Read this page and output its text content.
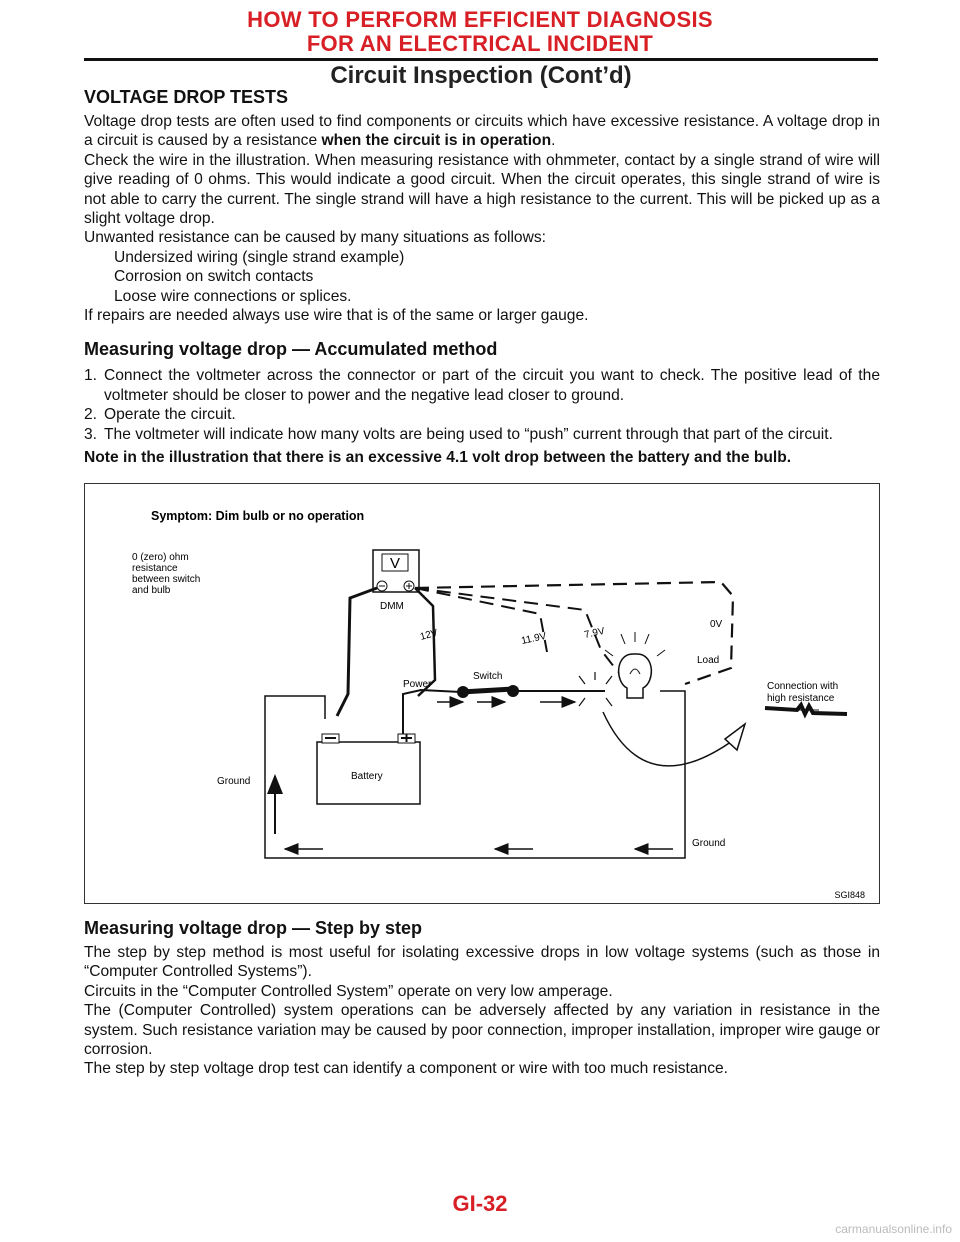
HOW TO PERFORM EFFICIENT DIAGNOSIS
FOR AN ELECTRICAL INCIDENT
Circuit Inspection (Cont’d)
VOLTAGE DROP TESTS

Voltage drop tests are often used to find components or circuits which have excessive resistance. A voltage drop in a circuit is caused by a resistance when the circuit is in operation.

Check the wire in the illustration. When measuring resistance with ohmmeter, contact by a single strand of wire will give reading of 0 ohms. This would indicate a good circuit. When the circuit operates, this single strand of wire is not able to carry the current. The single strand will have a high resistance to the current. This will be picked up as a slight voltage drop.

Unwanted resistance can be caused by many situations as follows:

Undersized wiring (single strand example)

Corrosion on switch contacts

Loose wire connections or splices.

If repairs are needed always use wire that is of the same or larger gauge.

Measuring voltage drop — Accumulated method
1. Connect the voltmeter across the connector or part of the circuit you want to check. The positive lead of the voltmeter should be closer to power and the negative lead closer to ground.
2. Operate the circuit.
3. The voltmeter will indicate how many volts are being used to “push” current through that part of the circuit.

Note in the illustration that there is an excessive 4.1 volt drop between the battery and the bulb.

Symptom: Dim bulb or no operation
0 (zero) ohm
resistance
between switch
and bulb
V
DMM
12V	11.9V	7.9V
0V
Load
Switch
Power
Battery
Ground
Ground
Connection with
high resistance
SGI848
Measuring voltage drop — Step by step

The step by step method is most useful for isolating excessive drops in low voltage systems (such as those in “Computer Controlled Systems”).

Circuits in the “Computer Controlled System” operate on very low amperage.

The (Computer Controlled) system operations can be adversely affected by any variation in resistance in the system. Such resistance variation may be caused by poor connection, improper installation, improper wire gauge or corrosion.

The step by step voltage drop test can identify a component or wire with too much resistance.

GI-32
carmanualsonline.info
